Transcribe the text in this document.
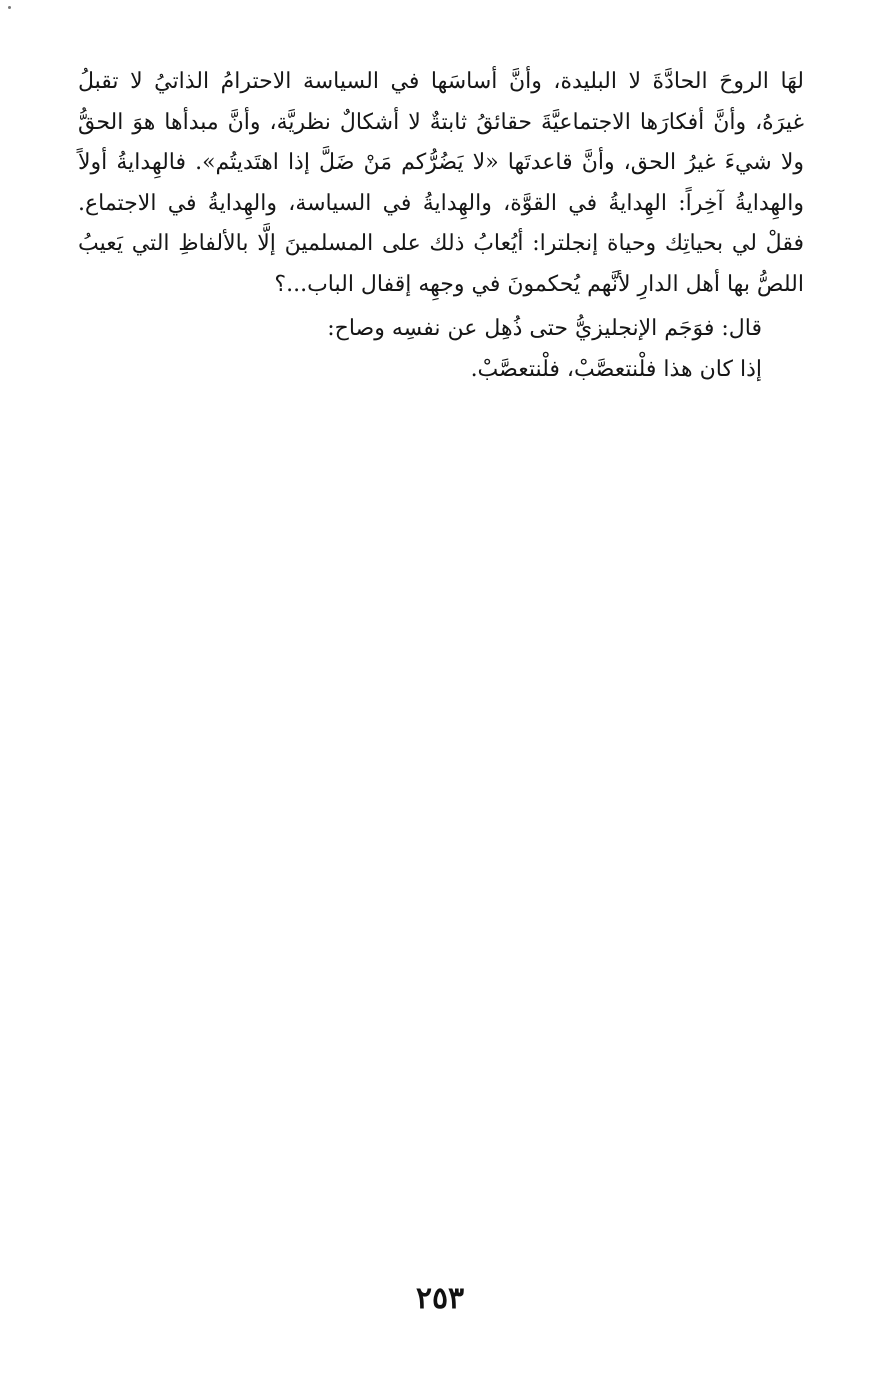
لهَا الروحَ الحادَّةَ لا البليدة، وأنَّ أساسَها في السياسة الاحترامُ الذاتيُ لا تقبلُ
غيرَهُ، وأنَّ أفكارَها الاجتماعيَّةَ حقائقُ ثابتةٌ لا أشكالٌ نظريَّة، وأنَّ مبدأها هوَ الحقُّ
ولا شيءَ غيرُ الحق، وأنَّ قاعدتَها «لا يَضُرُّكم مَنْ ضَلَّ إذا اهتَديتُم». فالهِدايةُ أولاً
والهِدايةُ آخِراً: الهِدايةُ في القوَّة، والهِدايةُ في السياسة، والهِدايةُ في الاجتماع.
فقلْ لي بحياتِك وحياة إنجلترا: أيُعابُ ذلك على المسلمينَ إلَّا بالألفاظِ التي يَعيبُ
اللصُّ بها أهل الدارِ لأنَّهم يُحكمونَ في وجهِه إقفال الباب...؟
قال: فوَجَم الإنجليزيُّ حتى ذُهِل عن نفسِه وصاح:
إذا كان هذا فلْنتعصَّبْ، فلْنتعصَّبْ.
٢٥٣
